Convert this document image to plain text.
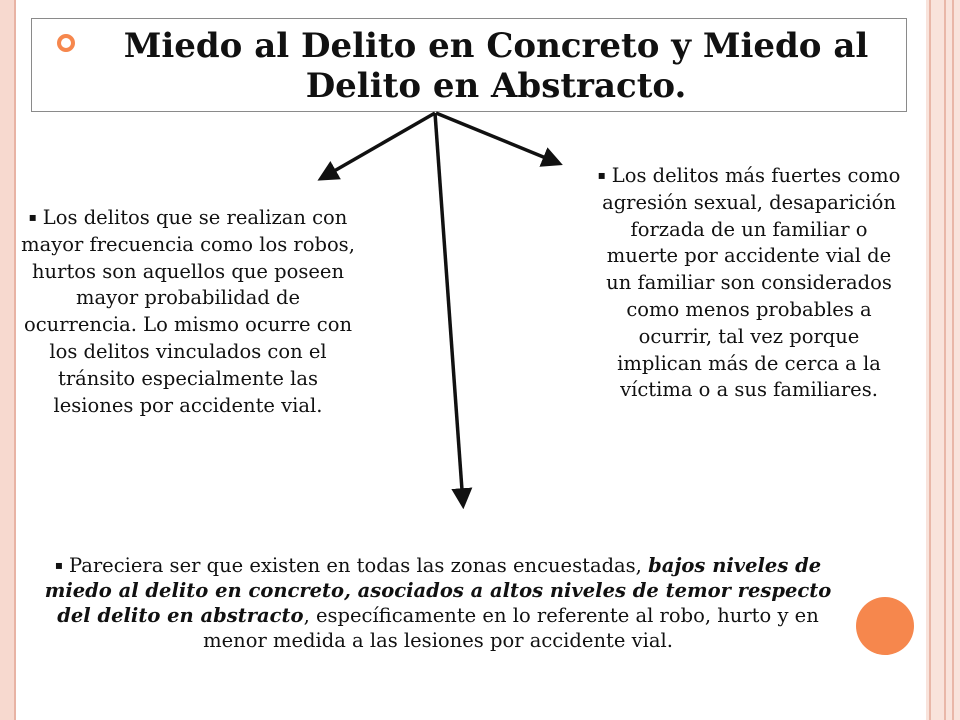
Miedo al Delito en Concreto y Miedo al Delito en Abstracto.
▪ Los delitos que se realizan con mayor frecuencia como los robos, hurtos son aquellos que poseen mayor probabilidad de ocurrencia. Lo mismo ocurre con los delitos vinculados con el tránsito especialmente las lesiones por accidente vial.
▪ Los delitos más fuertes como agresión sexual, desaparición forzada de un familiar o muerte por accidente vial de un familiar son considerados como menos probables a ocurrir, tal vez porque implican más de cerca a la víctima o a sus familiares.
▪ Pareciera ser que existen en todas las zonas encuestadas, bajos niveles de miedo al delito en concreto, asociados a altos niveles de temor respecto del delito en abstracto, específicamente en lo referente al robo, hurto y en menor medida a las lesiones por accidente vial.
